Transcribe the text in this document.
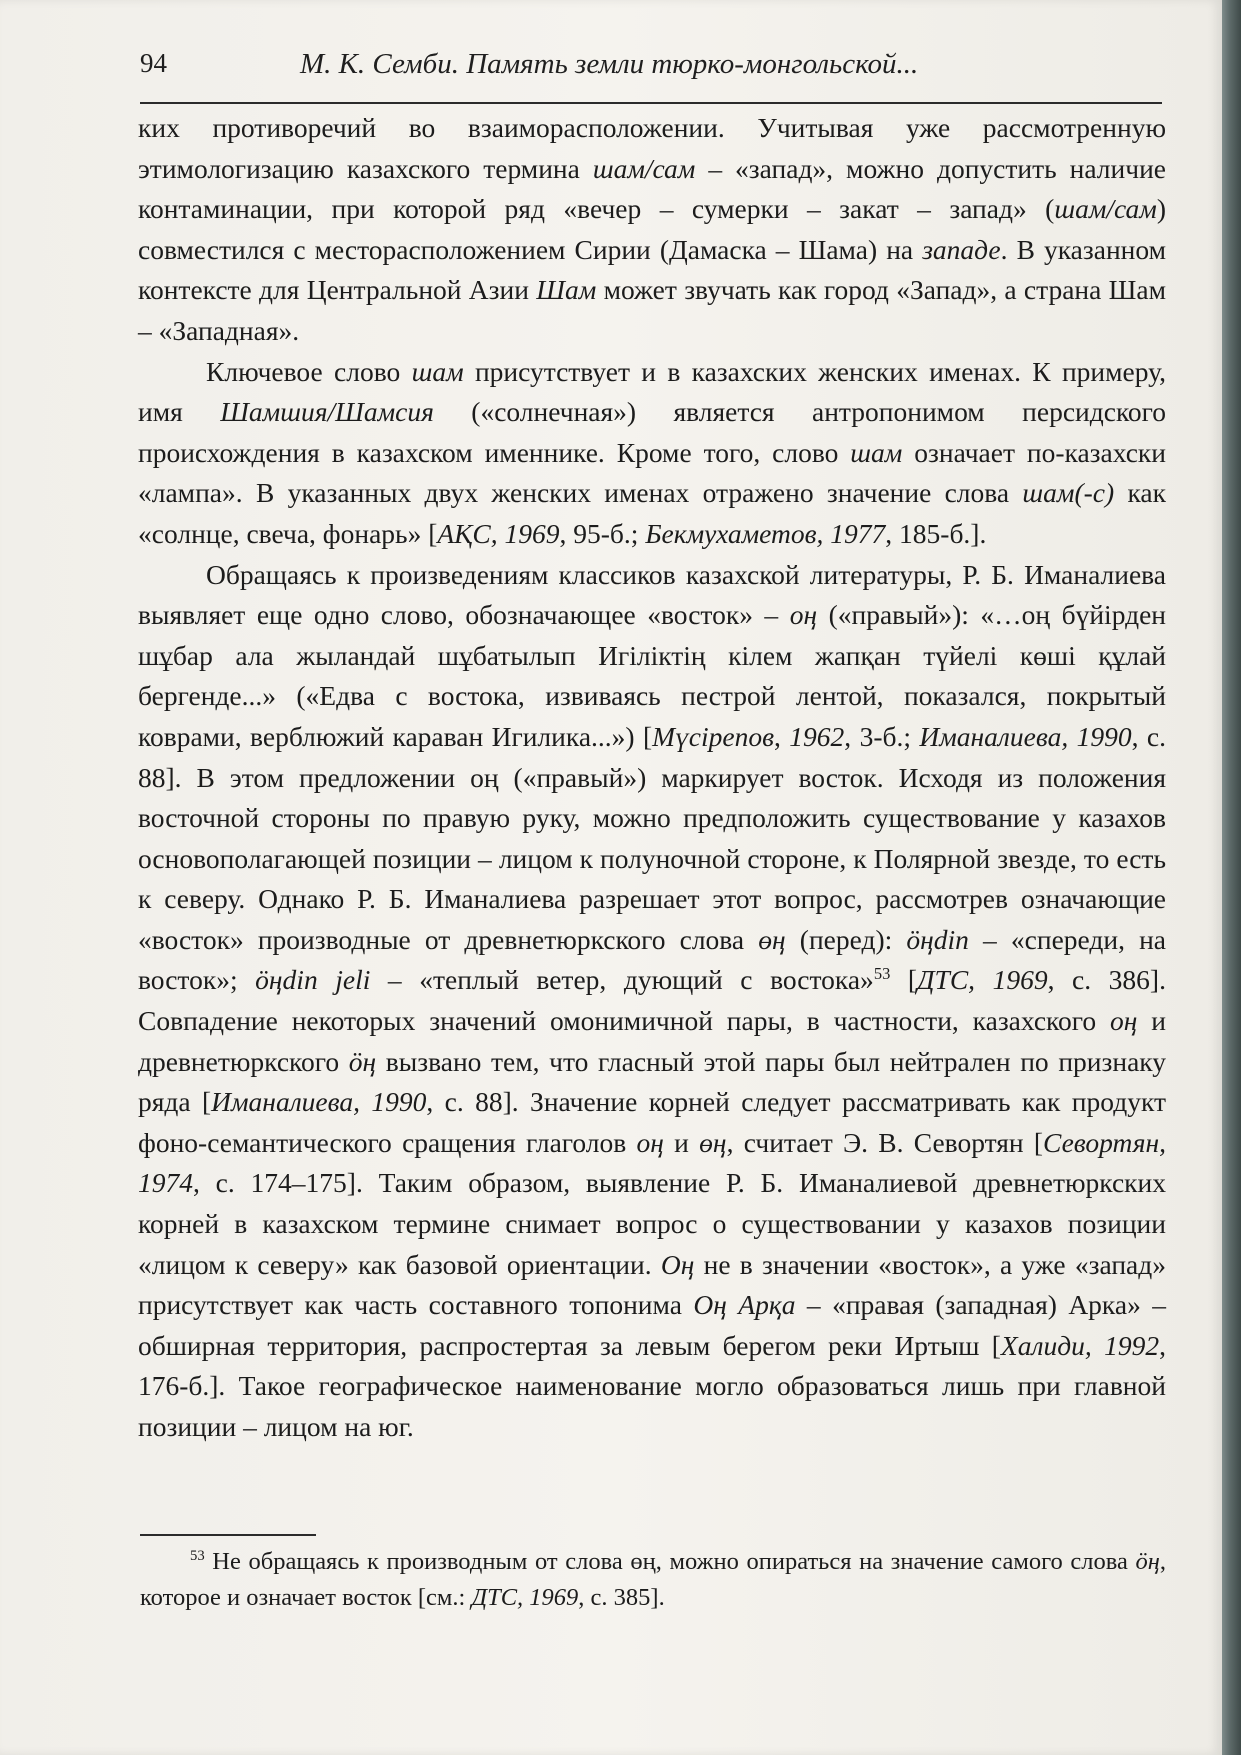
94	М. К. Семби. Память земли тюрко-монгольской...

ких противоречий во взаиморасположении. Учитывая уже рассмотренную этимологизацию казахского термина шам/сам – «запад», можно допустить наличие контаминации, при которой ряд «вечер – сумерки – закат – запад» (шам/сам) совместился с месторасположением Сирии (Дамаска – Шама) на западе. В указанном контексте для Центральной Азии Шам может звучать как город «Запад», а страна Шам – «Западная».

Ключевое слово шам присутствует и в казахских женских именах. К примеру, имя Шамшия/Шамсия («солнечная») является антропонимом персидского происхождения в казахском именнике. Кроме того, слово шам означает по-казахски «лампа». В указанных двух женских именах отражено значение слова шам(-с) как «солнце, свеча, фонарь» [АҚС, 1969, 95-б.; Бекмухаметов, 1977, 185-б.].

Обращаясь к произведениям классиков казахской литературы, Р. Б. Иманалиева выявляет еще одно слово, обозначающее «восток» – оң («правый»): «…оң бүйірден шұбар ала жыландай шұбатылып Игіліктің кілем жапқан түйелі көші құлай бергенде...» («Едва с востока, извиваясь пестрой лентой, показался, покрытый коврами, верблюжий караван Игилика...») [Мүсірепов, 1962, 3-б.; Иманалиева, 1990, с. 88]. В этом предложении оң («правый») маркирует восток. Исходя из положения восточной стороны по правую руку, можно предположить существование у казахов основополагающей позиции – лицом к полуночной стороне, к Полярной звезде, то есть к северу. Однако Р. Б. Иманалиева разрешает этот вопрос, рассмотрев означающие «восток» производные от древнетюркского слова өң (перед): öңdin – «спереди, на восток»; öңdin jeli – «теплый ветер, дующий с востока»$^{53}$ [ДТС, 1969, с. 386]. Совпадение некоторых значений омонимичной пары, в частности, казахского оң и древнетюркского öң вызвано тем, что гласный этой пары был нейтрален по признаку ряда [Иманалиева, 1990, с. 88]. Значение корней следует рассматривать как продукт фоно-семантического сращения глаголов оң и өң, считает Э. В. Севортян [Севортян, 1974, с. 174–175]. Таким образом, выявление Р. Б. Иманалиевой древнетюркских корней в казахском термине снимает вопрос о существовании у казахов позиции «лицом к северу» как базовой ориентации. Оң не в значении «восток», а уже «запад» присутствует как часть составного топонима Оң Арқа – «правая (западная) Арка» – обширная территория, распростертая за левым берегом реки Иртыш [Халиди, 1992, 176-б.]. Такое географическое наименование могло образоваться лишь при главной позиции – лицом на юг.

$^{53}$ Не обращаясь к производным от слова өң, можно опираться на значение самого слова öң, которое и означает восток [см.: ДТС, 1969, с. 385].
